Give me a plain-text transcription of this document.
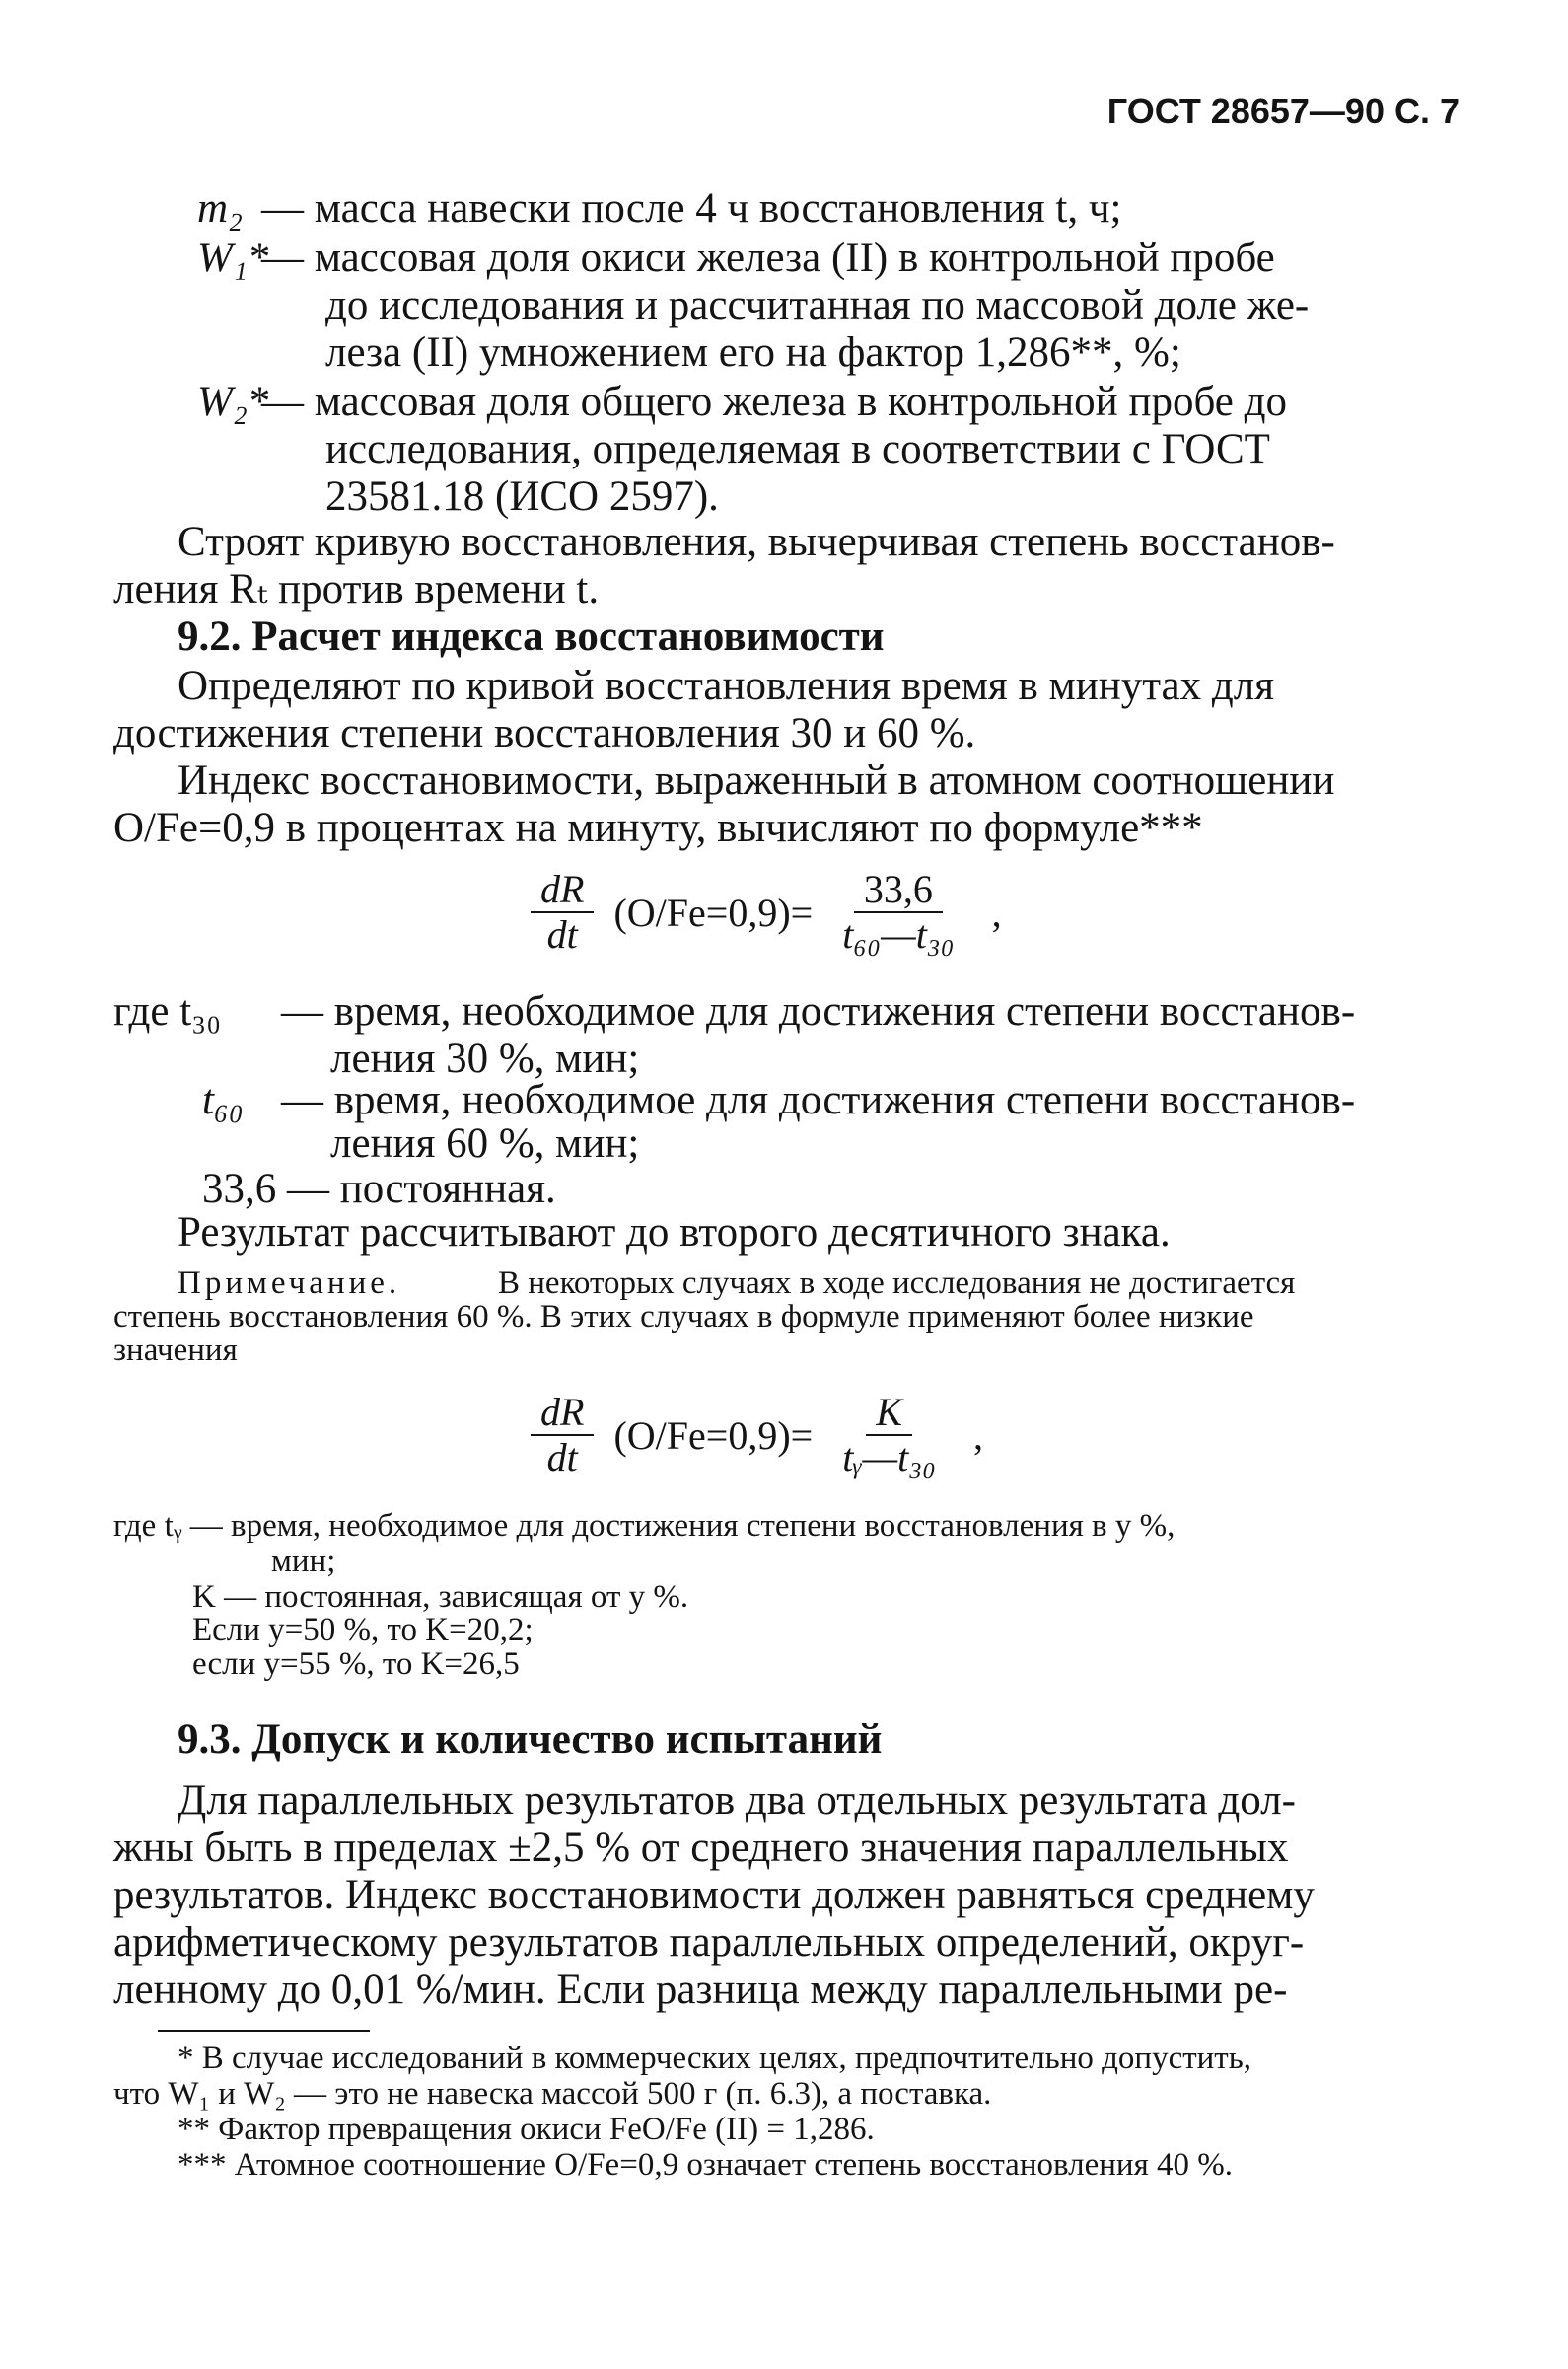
ГОСТ 28657—90 С. 7
m₂ — масса навески после 4 ч восстановления t, ч;
W₁*
— массовая доля окиси железа (II) в контрольной пробе
до исследования и рассчитанная по массовой доле же-
леза (II) умножением его на фактор 1,286**, %;
W₂*
— массовая доля общего железа в контрольной пробе до
исследования, определяемая в соответствии с ГОСТ
23581.18 (ИСО 2597).
Строят кривую восстановления, вычерчивая степень восстанов-
ления Rₜ против времени t.
9.2. Расчет индекса восстановимости
Определяют по кривой восстановления время в минутах для
достижения степени восстановления 30 и 60 %.
Индекс восстановимости, выраженный в атомном соотношении
O/Fe=0,9 в процентах на минуту, вычисляют по формуле***
$\frac{dR}{dt} (O/Fe=0,9)= \frac{33,6}{\text{t₆₀—t₃₀}}$ ,
где t₃₀ — время, необходимое для достижения степени восстанов-
ления 30 %, мин;
t₆₀ — время, необходимое для достижения степени восстанов-
ления 60 %, мин;
33,6 — постоянная.
Результат рассчитывают до второго десятичного знака.
Примечание.	В некоторых случаях в ходе исследования не достигается
степень восстановления 60 %. В этих случаях в формуле применяют более низкие
значения
$\frac{dR}{dt} (O/Fe=0,9)= \frac{K}{\text{tᵧ—t₃₀}}$ ,
где tᵧ — время, необходимое для достижения степени восстановления в y %,
мин;
K — постоянная, зависящая от y %.
Если y=50 %, то K=20,2;
если y=55 %, то K=26,5
9.3. Допуск и количество испытаний
Для параллельных результатов два отдельных результата дол-
жны быть в пределах ±2,5 % от среднего значения параллельных
результатов. Индекс восстановимости должен равняться среднему
арифметическому результатов параллельных определений, округ-
ленному до 0,01 %/мин. Если разница между параллельными ре-
* В случае исследований в коммерческих целях, предпочтительно допустить,
что W₁ и W₂ — это не навеска массой 500 г (п. 6.3), а поставка.
** Фактор превращения окиси FeO/Fe (II) = 1,286.
*** Атомное соотношение O/Fe=0,9 означает степень восстановления 40 %.
